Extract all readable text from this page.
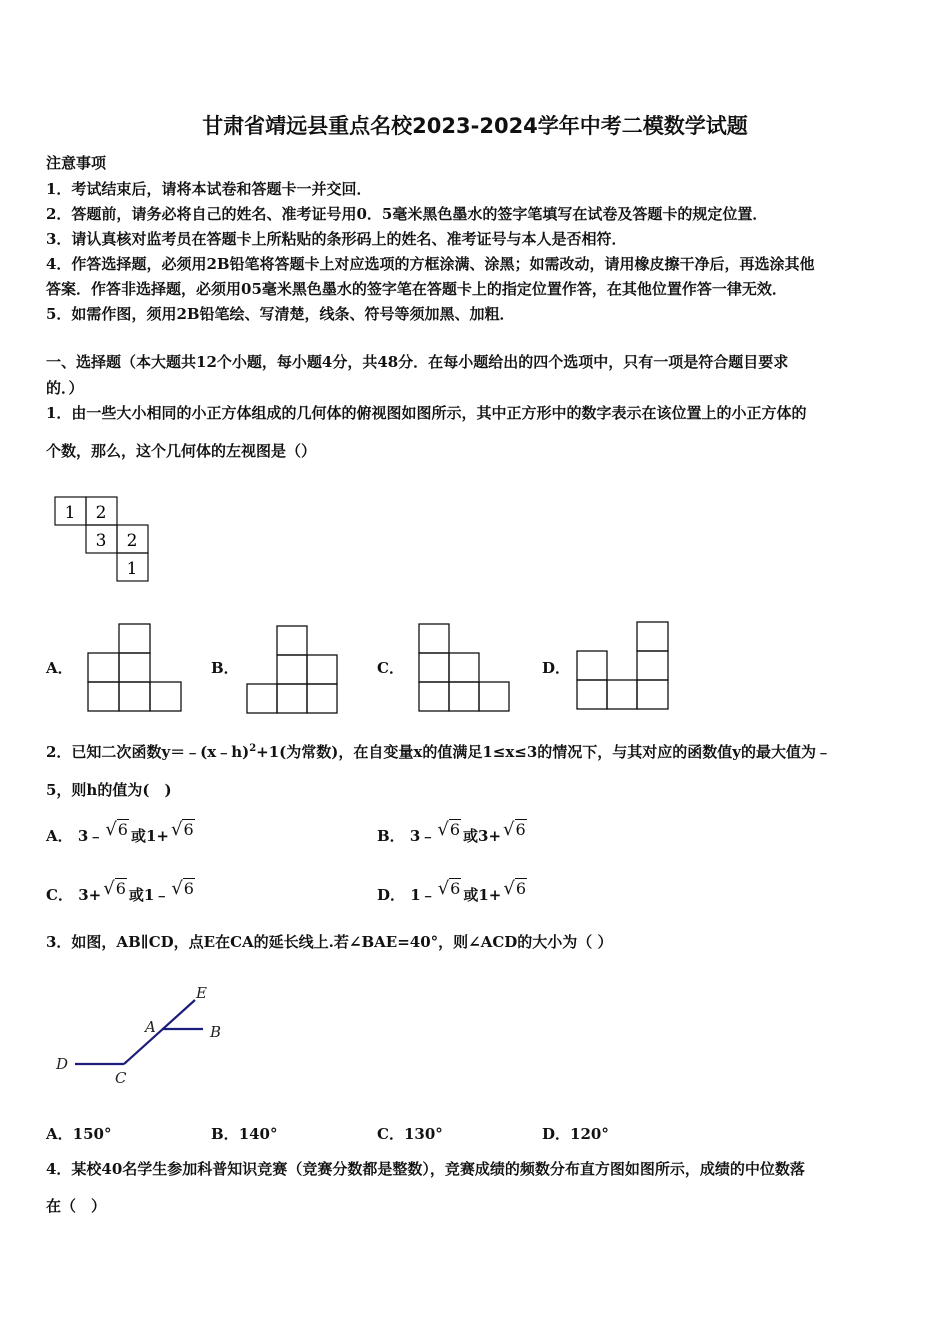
甘肃省靖远县重点名校2023-2024学年中考二模数学试题
注意事项
1．考试结束后，请将本试卷和答题卡一并交回．
2．答题前，请务必将自己的姓名、准考证号用0．5毫米黑色墨水的签字笔填写在试卷及答题卡的规定位置．
3．请认真核对监考员在答题卡上所粘贴的条形码上的姓名、准考证号与本人是否相符．
4．作答选择题，必须用2B铅笔将答题卡上对应选项的方框涂满、涂黑；如需改动，请用橡皮擦干净后，再选涂其他
答案．作答非选择题，必须用05毫米黑色墨水的签字笔在答题卡上的指定位置作答，在其他位置作答一律无效．
5．如需作图，须用2B铅笔绘、写清楚，线条、符号等须加黑、加粗．
一、选择题（本大题共12个小题，每小题4分，共48分．在每小题给出的四个选项中，只有一项是符合题目要求
的．）
1．由一些大小相同的小正方体组成的几何体的俯视图如图所示，其中正方形中的数字表示在该位置上的小正方体的
个数，那么，这个几何体的左视图是（）
1 2
3 2
1
A．	B．	C．	D．
2．已知二次函数y＝﹣(x﹣h)$^2$+1(为常数)，在自变量x的值满足1≤x≤3的情况下，与其对应的函数值y的最大值为﹣
5，则h的值为(　)
A． 3﹣ √6 或1+ √6	B． 3﹣ √6 或3+ √6
C． 3+ √6 或1﹣ √6	D． 1﹣ √6 或1+ √6
3．如图，AB∥CD，点E在CA的延长线上.若∠BAE=40°，则∠ACD的大小为（ ）
E
A	B
D
C
A．150°	B．140°	C．130°	D．120°
4．某校40名学生参加科普知识竞赛（竞赛分数都是整数），竞赛成绩的频数分布直方图如图所示，成绩的中位数落
在（　）
